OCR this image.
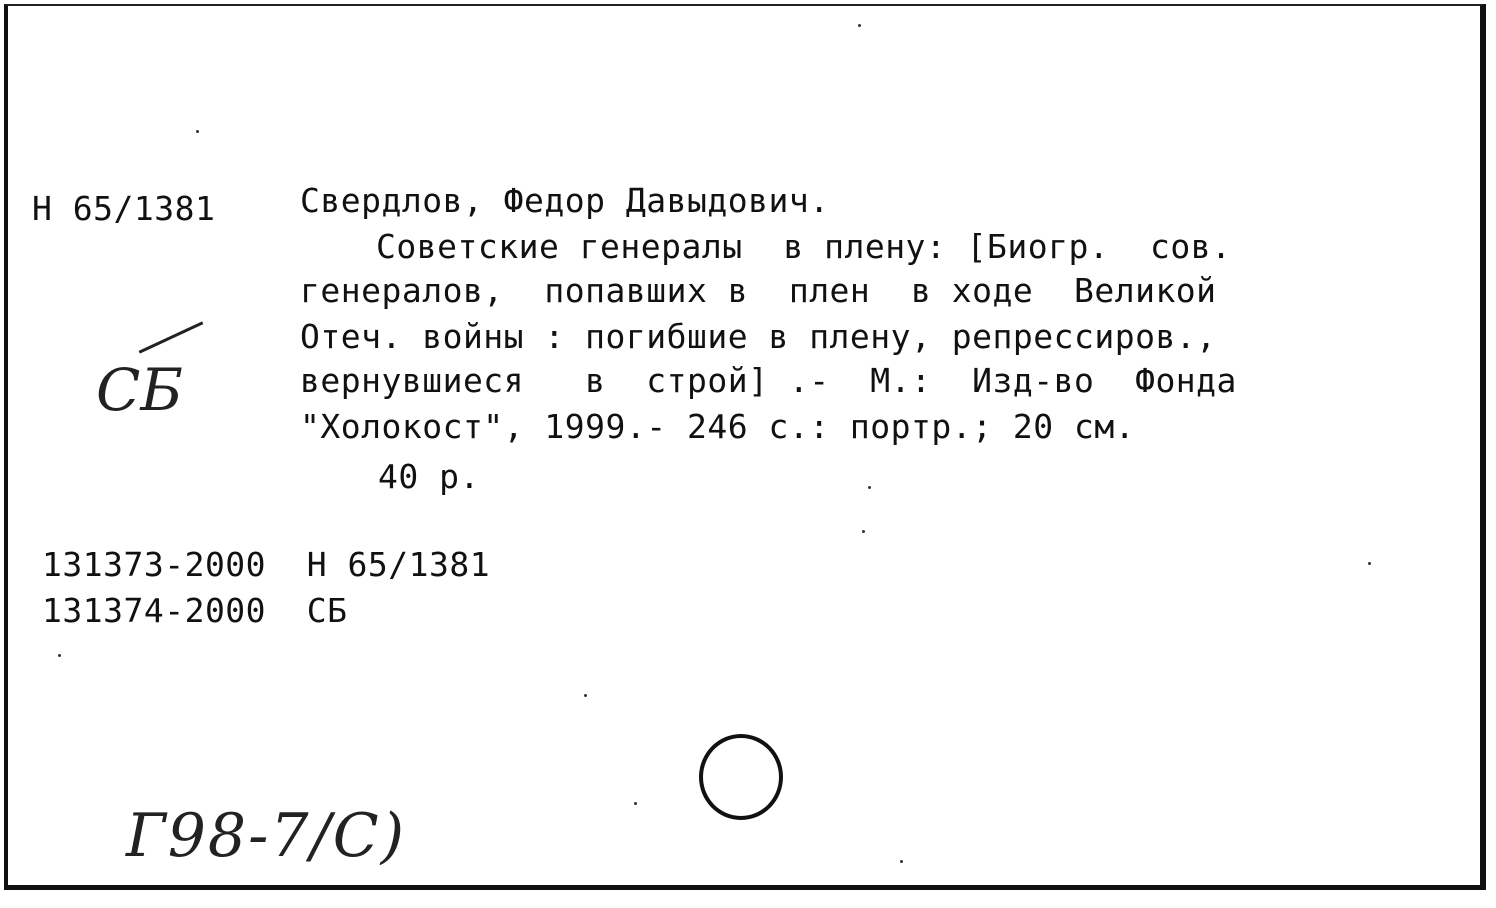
Н 65/1381	Свердлов, Федор Давыдович.
Советские генералы  в плену: [Биогр.  сов.
генералов,  попавших в  плен  в ходе  Великой
Отеч. войны : погибшие в плену, репрессиров.,
вернувшиеся   в  строй] .-  М.:  Изд-во  Фонда
"Холокост", 1999.- 246 с.: портр.; 20 см.
40 р.
131373-2000 Н 65/1381
131374-2000 СБ
СБ
Г98-7/С)
